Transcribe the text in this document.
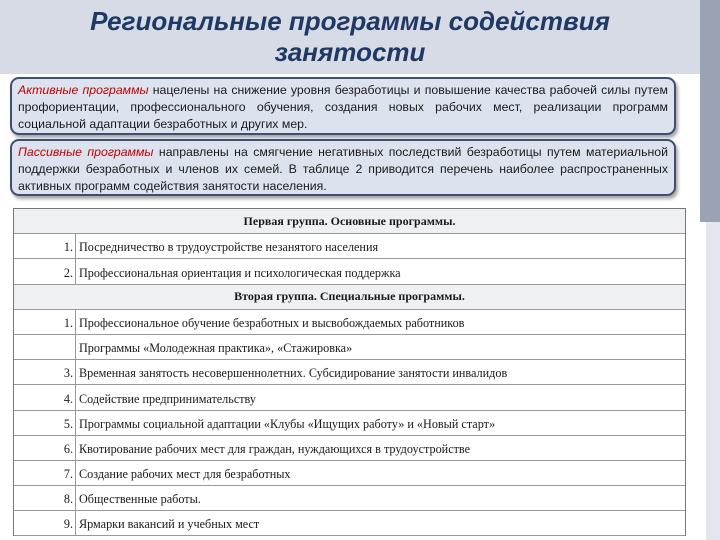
Региональные программы содействия занятости
Активные программы нацелены на снижение уровня безработицы и повышение качества рабочей силы путем профориентации, профессионального обучения, создания новых рабочих мест, реализации программ социальной адаптации безработных и других мер.
Пассивные программы направлены на смягчение негативных последствий безработицы путем материальной поддержки безработных и членов их семей. В таблице 2 приводится перечень наиболее распространенных активных программ содействия занятости населения.
Первая группа. Основные программы.
1. Посредничество в трудоустройстве незанятого населения
2. Профессиональная ориентация и психологическая поддержка
Вторая группа. Специальные программы.
1. Профессиональное обучение безработных и высвобождаемых работников
Программы «Молодежная практика», «Стажировка»
3. Временная занятость несовершеннолетних. Субсидирование занятости инвалидов
4. Содействие предпринимательству
5. Программы социальной адаптации «Клубы «Ищущих работу» и «Новый старт»
6. Квотирование рабочих мест для граждан, нуждающихся в трудоустройстве
7. Создание рабочих мест для безработных
8. Общественные работы.
9. Ярмарки вакансий и учебных мест
